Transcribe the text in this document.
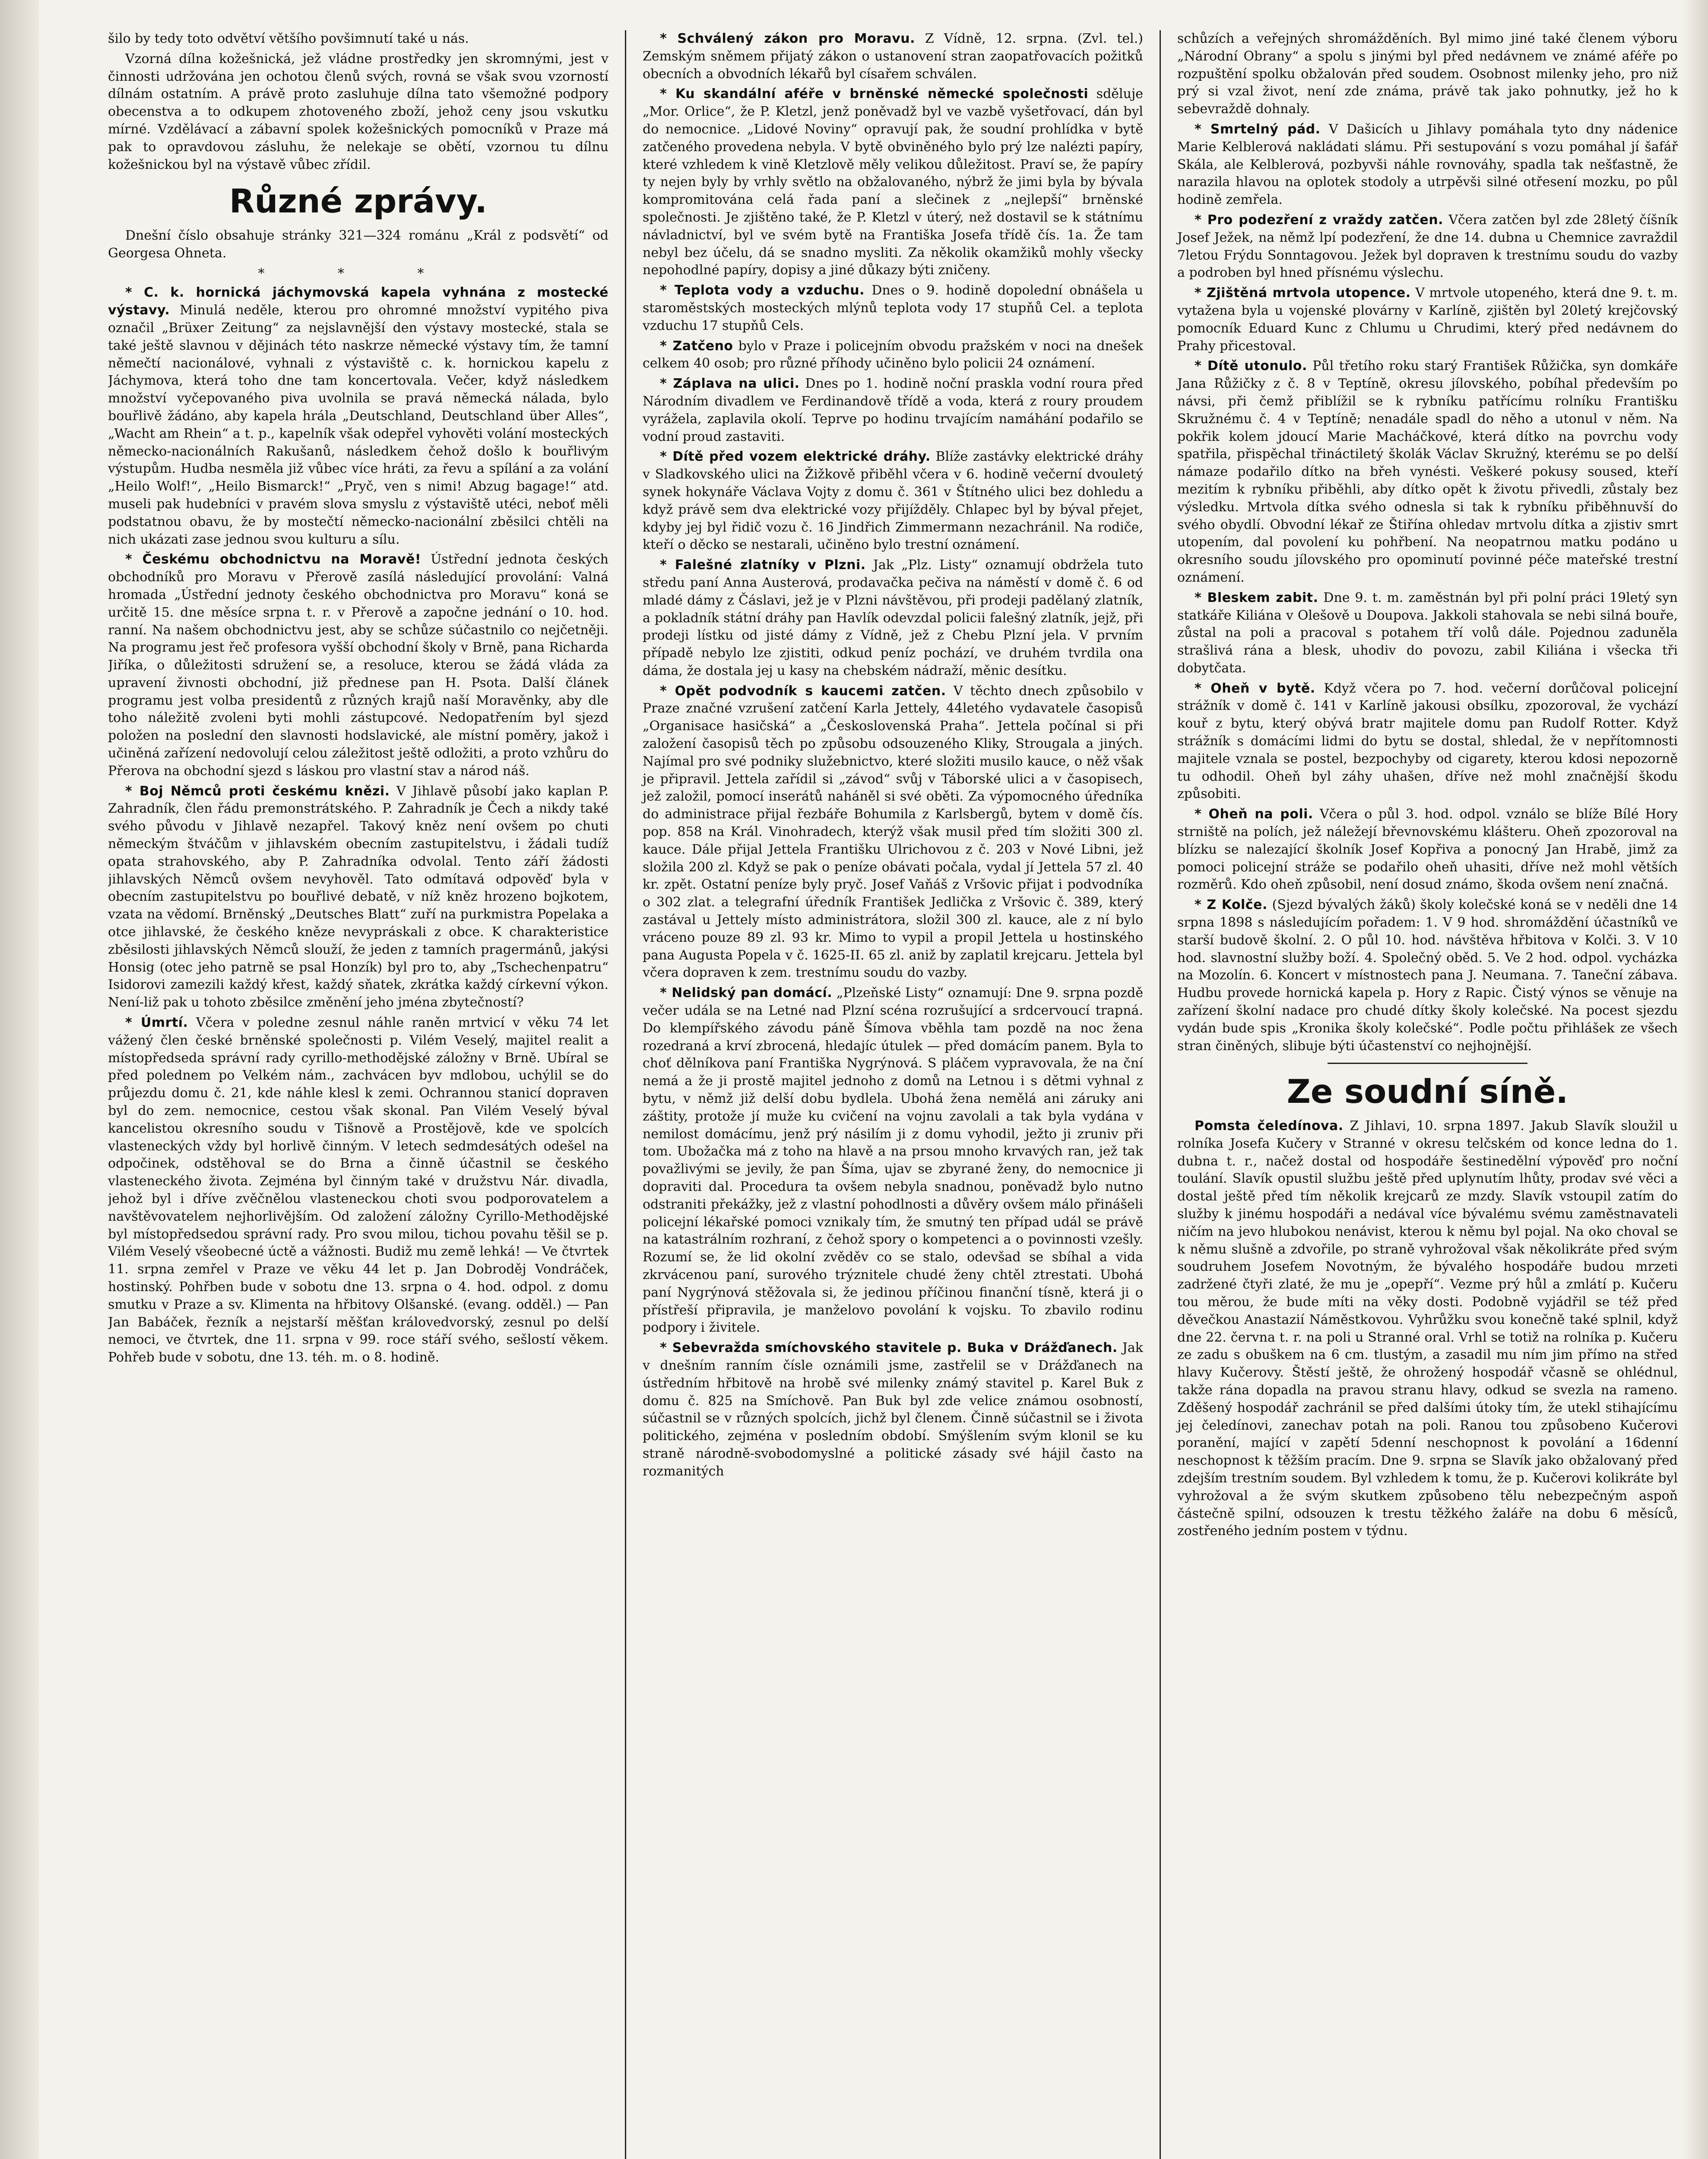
šilo by tedy toto odvětví většího povšimnutí také u nás.

Vzorná dílna kožešnická, jež vládne prostředky jen skromnými, jest v činnosti udržována jen ochotou členů svých, rovná se však svou vzorností dílnám ostatním. A právě proto zasluhuje dílna tato všemožné podpory obecenstva a to odkupem zhotoveného zboží, jehož ceny jsou vskutku mírné. Vzdělávací a zábavní spolek kožešnických pomocníků v Praze má pak to opravdovou zásluhu, že nelekaje se obětí, vzornou tu dílnu kožešnickou byl na výstavě vůbec zřídil.

Různé zprávy.

Dnešní číslo obsahuje stránky 321—324 románu „Král z podsvětí“ od Georgesa Ohneta.

* * *

* C. k. hornická jáchymovská kapela vyhnána z mostecké výstavy. Minulá neděle, kterou pro ohromné množství vypitého piva označil „Brüxer Zeitung“ za nejslavnější den výstavy mostecké, stala se také ještě slavnou v dějinách této naskrze německé výstavy tím, že tamní němečtí nacionálové, vyhnali z výstaviště c. k. hornickou kapelu z Jáchymova, která toho dne tam koncertovala. Večer, když následkem množství vyčepovaného piva uvolnila se pravá německá nálada, bylo bouřlivě žádáno, aby kapela hrála „Deutschland, Deutschland über Alles“, „Wacht am Rhein“ a t. p., kapelník však odepřel vyhověti volání mosteckých německo-nacionálních Rakušanů, následkem čehož došlo k bouřlivým výstupům. Hudba nesměla již vůbec více hráti, za řevu a spílání a za volání „Heilo Wolf!“, „Heilo Bismarck!“ „Pryč, ven s nimi! Abzug bagage!“ atd. museli pak hudebníci v pravém slova smyslu z výstaviště utéci, neboť měli podstatnou obavu, že by mostečtí německo-nacionální zběsilci chtěli na nich ukázati zase jednou svou kulturu a sílu.

* Českému obchodnictvu na Moravě! Ústřední jednota českých obchodníků pro Moravu v Přerově zasílá následující provolání: Valná hromada „Ústřední jednoty českého obchodnictva pro Moravu“ koná se určitě 15. dne měsíce srpna t. r. v Přerově a započne jednání o 10. hod. ranní. Na našem obchodnictvu jest, aby se schůze súčastnilo co nejčetněji. Na programu jest řeč profesora vyšší obchodní školy v Brně, pana Richarda Jiříka, o důležitosti sdružení se, a resoluce, kterou se žádá vláda za upravení živnosti obchodní, již přednese pan H. Psota. Další článek programu jest volba presidentů z různých krajů naší Moravěnky, aby dle toho náležitě zvoleni byti mohli zástupcové. Nedopatřením byl sjezd položen na poslední den slavnosti hodslavické, ale místní poměry, jakož i učiněná zařízení nedovolují celou záležitost ještě odložiti, a proto vzhůru do Přerova na obchodní sjezd s láskou pro vlastní stav a národ náš.

* Boj Němců proti českému knězi. V Jihlavě působí jako kaplan P. Zahradník, člen řádu premonstrátského. P. Zahradník je Čech a nikdy také svého původu v Jihlavě nezapřel. Takový kněz není ovšem po chuti německým štváčům v jihlavském obecním zastupitelstvu, i žádali tudíž opata strahovského, aby P. Zahradníka odvolal. Tento září žádosti jihlavských Němců ovšem nevyhověl. Tato odmítavá odpověď byla v obecním zastupitelstvu po bouřlivé debatě, v níž kněz hrozeno bojkotem, vzata na vědomí. Brněnský „Deutsches Blatt“ zuří na purkmistra Popelaka a otce jihlavské, že českého kněze nevypráskali z obce. K charakteristice zběsilosti jihlavských Němců slouží, že jeden z tamních pragermánů, jakýsi Honsig (otec jeho patrně se psal Honzík) byl pro to, aby „Tschechenpatru“ Isidorovi zamezili každý křest, každý sňatek, zkrátka každý církevní výkon. Není-liž pak u tohoto zběsilce změnění jeho jména zbytečností?

* Úmrtí. Včera v poledne zesnul náhle raněn mrtvicí v věku 74 let vážený člen české brněnské společnosti p. Vilém Veselý, majitel realit a místopředseda správní rady cyrillo-methodějské záložny v Brně. Ubíral se před polednem po Velkém nám., zachvácen byv mdlobou, uchýlil se do průjezdu domu č. 21, kde náhle klesl k zemi. Ochrannou stanicí dopraven byl do zem. nemocnice, cestou však skonal. Pan Vilém Veselý býval kancelistou okresního soudu v Tišnově a Prostějově, kde ve spolcích vlasteneckých vždy byl horlivě činným. V letech sedmdesátých odešel na odpočinek, odstěhoval se do Brna a činně účastnil se českého vlasteneckého života. Zejména byl činným také v družstvu Nár. divadla, jehož byl i dříve zvěčnělou vlasteneckou choti svou podporovatelem a navštěvovatelem nejhorlivějším. Od založení záložny Cyrillo-Methodějské byl místopředsedou správní rady. Pro svou milou, tichou povahu těšil se p. Vilém Veselý všeobecné úctě a vážnosti. Budiž mu země lehká! — Ve čtvrtek 11. srpna zemřel v Praze ve věku 44 let p. Jan Dobroděj Vondráček, hostinský. Pohřben bude v sobotu dne 13. srpna o 4. hod. odpol. z domu smutku v Praze a sv. Klimenta na hřbitovy Olšanské. (evang. odděl.) — Pan Jan Babáček, řezník a nejstarší měšťan královedvorský, zesnul po delší nemoci, ve čtvrtek, dne 11. srpna v 99. roce stáří svého, sešlostí věkem. Pohřeb bude v sobotu, dne 13. téh. m. o 8. hodině.

* Schválený zákon pro Moravu. Z Vídně, 12. srpna. (Zvl. tel.) Zemským sněmem přijatý zákon o ustanovení stran zaopatřovacích požitků obecních a obvodních lékařů byl císařem schválen.

* Ku skandální aféře v brněnské německé společnosti sděluje „Mor. Orlice“, že P. Kletzl, jenž poněvadž byl ve vazbě vyšetřovací, dán byl do nemocnice. „Lidové Noviny“ opravují pak, že soudní prohlídka v bytě zatčeného provedena nebyla. V bytě obviněného bylo prý lze nalézti papíry, které vzhledem k vině Kletzlově měly velikou důležitost. Praví se, že papíry ty nejen byly by vrhly světlo na obžalovaného, nýbrž že jimi byla by bývala kompromitována celá řada paní a slečinek z „nejlepší“ brněnské společnosti. Je zjištěno také, že P. Kletzl v úterý, než dostavil se k státnímu návladnictví, byl ve svém bytě na Františka Josefa třídě čís. 1a. Že tam nebyl bez účelu, dá se snadno mysliti. Za několik okamžiků mohly všecky nepohodlné papíry, dopisy a jiné důkazy býti zničeny.

* Teplota vody a vzduchu. Dnes o 9. hodině dopolední obnášela u staroměstských mosteckých mlýnů teplota vody 17 stupňů Cel. a teplota vzduchu 17 stupňů Cels.

* Zatčeno bylo v Praze i policejním obvodu pražském v noci na dnešek celkem 40 osob; pro různé příhody učiněno bylo policii 24 oznámení.

* Záplava na ulici. Dnes po 1. hodině noční praskla vodní roura před Národním divadlem ve Ferdinandově třídě a voda, která z roury proudem vyrážela, zaplavila okolí. Teprve po hodinu trvajícím namáhání podařilo se vodní proud zastaviti.

* Dítě před vozem elektrické dráhy. Blíže zastávky elektrické dráhy v Sladkovského ulici na Žižkově přiběhl včera v 6. hodině večerní dvouletý synek hokynáře Václava Vojty z domu č. 361 v Štítného ulici bez dohledu a když právě sem dva elektrické vozy přijížděly. Chlapec byl by býval přejet, kdyby jej byl řidič vozu č. 16 Jindřich Zimmermann nezachránil. Na rodiče, kteří o děcko se nestarali, učiněno bylo trestní oznámení.

* Falešné zlatníky v Plzni. Jak „Plz. Listy“ oznamují obdržela tuto středu paní Anna Austerová, prodavačka pečiva na náměstí v domě č. 6 od mladé dámy z Čáslavi, jež je v Plzni návštěvou, při prodeji padělaný zlatník, a pokladník státní dráhy pan Havlík odevzdal policii falešný zlatník, jejž, při prodeji lístku od jisté dámy z Vídně, jež z Chebu Plzní jela. V prvním případě nebylo lze zjistiti, odkud peníz pochází, ve druhém tvrdila ona dáma, že dostala jej u kasy na chebském nádraží, měnic desítku.

* Opět podvodník s kaucemi zatčen. V těchto dnech způsobilo v Praze značné vzrušení zatčení Karla Jettely, 44letého vydavatele časopisů „Organisace hasičská“ a „Československá Praha“. Jettela počínal si při založení časopisů těch po způsobu odsouzeného Kliky, Strougala a jiných. Najímal pro své podniky služebnictvo, které složiti musilo kauce, o něž však je připravil. Jettela zařídil si „závod“ svůj v Táborské ulici a v časopisech, jež založil, pomocí inserátů naháněl si své oběti. Za výpomocného úředníka do administrace přijal řezbáře Bohumila z Karlsbergů, bytem v domě čís. pop. 858 na Král. Vinohradech, kterýž však musil před tím složiti 300 zl. kauce. Dále přijal Jettela Františku Ulrichovou z č. 203 v Nové Libni, jež složila 200 zl. Když se pak o peníze obávati počala, vydal jí Jettela 57 zl. 40 kr. zpět. Ostatní peníze byly pryč. Josef Vaňáš z Vršovic přijat i podvodníka o 302 zlat. a telegrafní úředník František Jedlička z Vršovic č. 389, který zastával u Jettely místo administrátora, složil 300 zl. kauce, ale z ní bylo vráceno pouze 89 zl. 93 kr. Mimo to vypil a propil Jettela u hostinského pana Augusta Popela v č. 1625-II. 65 zl. aniž by zaplatil krejcaru. Jettela byl včera dopraven k zem. trestnímu soudu do vazby.

* Nelidský pan domácí. „Plzeňské Listy“ oznamují: Dne 9. srpna pozdě večer udála se na Letné nad Plzní scéna rozrušující a srdcervoucí trapná. Do klempířského závodu páně Šímova vběhla tam pozdě na noc žena rozedraná a krví zbrocená, hledajíc útulek — před domácím panem. Byla to choť dělníkova paní Františka Nygrýnová. S pláčem vypravovala, že na ční nemá a že ji prostě majitel jednoho z domů na Letnou i s dětmi vyhnal z bytu, v němž již delší dobu bydlela. Ubohá žena nemělá ani záruky ani záštity, protože jí muže ku cvičení na vojnu zavolali a tak byla vydána v nemilost domácímu, jenž prý násilím ji z domu vyhodil, ježto ji zruniv při tom. Ubožačka má z toho na hlavě a na prsou mnoho krvavých ran, jež tak považlivými se jevily, že pan Šíma, ujav se zbyrané ženy, do nemocnice ji dopraviti dal. Procedura ta ovšem nebyla snadnou, poněvadž bylo nutno odstraniti překážky, jež z vlastní pohodlnosti a důvěry ovšem málo přinášeli policejní lékařské pomoci vznikaly tím, že smutný ten případ udál se právě na katastrálním rozhraní, z čehož spory o kompetenci a o povinnosti vzešly. Rozumí se, že lid okolní zvěděv co se stalo, odevšad se sbíhal a vida zkrvácenou paní, surového trýznitele chudé ženy chtěl ztrestati. Ubohá paní Nygrýnová stěžovala si, že jedinou příčinou finanční tísně, která ji o přístřeší připravila, je manželovo povolání k vojsku. To zbavilo rodinu podpory i živitele.

* Sebevražda smíchovského stavitele p. Buka v Drážďanech. Jak v dnešním ranním čísle oznámili jsme, zastřelil se v Drážďanech na ústředním hřbitově na hrobě své milenky známý stavitel p. Karel Buk z domu č. 825 na Smíchově. Pan Buk byl zde velice známou osobností, súčastnil se v různých spolcích, jichž byl členem. Činně súčastnil se i života politického, zejména v posledním období. Smýšlením svým klonil se ku straně národně-svobodomyslné a politické zásady své hájil často na rozmanitých

schůzích a veřejných shromážděních. Byl mimo jiné také členem výboru „Národní Obrany“ a spolu s jinými byl před nedávnem ve známé aféře po rozpuštění spolku obžalován před soudem. Osobnost milenky jeho, pro niž prý si vzal život, není zde známa, právě tak jako pohnutky, jež ho k sebevraždě dohnaly.

* Smrtelný pád. V Dašicích u Jihlavy pomáhala tyto dny nádenice Marie Kelblerová nakládati slámu. Při sestupování s vozu pomáhal jí šafář Skála, ale Kelblerová, pozbyvši náhle rovnováhy, spadla tak nešťastně, že narazila hlavou na oplotek stodoly a utrpěvši silné otřesení mozku, po půl hodině zemřela.

* Pro podezření z vraždy zatčen. Včera zatčen byl zde 28letý číšník Josef Ježek, na němž lpí podezření, že dne 14. dubna u Chemnice zavraždil 7letou Frýdu Sonntagovou. Ježek byl dopraven k trestnímu soudu do vazby a podroben byl hned přísnému výslechu.

* Zjištěná mrtvola utopence. V mrtvole utopeného, která dne 9. t. m. vytažena byla u vojenské plovárny v Karlíně, zjištěn byl 20letý krejčovský pomocník Eduard Kunc z Chlumu u Chrudimi, který před nedávnem do Prahy přicestoval.

* Dítě utonulo. Půl třetího roku starý František Růžička, syn domkáře Jana Růžičky z č. 8 v Teptíně, okresu jílovského, pobíhal především po návsi, při čemž přiblížil se k rybníku patřícímu rolníku Františku Skružnému č. 4 v Teptíně; nenadále spadl do něho a utonul v něm. Na pokřik kolem jdoucí Marie Macháčkové, která dítko na povrchu vody spatřila, přispěchal třináctiletý školák Václav Skružný, kterému se po delší námaze podařilo dítko na břeh vynésti. Veškeré pokusy soused, kteří mezitím k rybníku přiběhli, aby dítko opět k životu přivedli, zůstaly bez výsledku. Mrtvola dítka svého odnesla si tak k rybníku přiběhnuvší do svého obydlí. Obvodní lékař ze Štiřína ohledav mrtvolu dítka a zjistiv smrt utopením, dal povolení ku pohřbení. Na neopatrnou matku podáno u okresního soudu jílovského pro opominutí povinné péče mateřské trestní oznámení.

* Bleskem zabit. Dne 9. t. m. zaměstnán byl při polní práci 19letý syn statkáře Kiliána v Olešově u Doupova. Jakkoli stahovala se nebi silná bouře, zůstal na poli a pracoval s potahem tří volů dále. Pojednou zaduněla strašlivá rána a blesk, uhodiv do povozu, zabil Kiliána i všecka tři dobytčata.

* Oheň v bytě. Když včera po 7. hod. večerní dorůčoval policejní strážník v domě č. 141 v Karlíně jakousi obsílku, zpozoroval, že vychází kouř z bytu, který obývá bratr majitele domu pan Rudolf Rotter. Když strážník s domácími lidmi do bytu se dostal, shledal, že v nepřítomnosti majitele vznala se postel, bezpochyby od cigarety, kterou kdosi nepozorně tu odhodil. Oheň byl záhy uhašen, dříve než mohl značnější škodu způsobiti.

* Oheň na poli. Včera o půl 3. hod. odpol. vználo se blíže Bílé Hory strniště na polích, jež náležejí břevnovskému klášteru. Oheň zpozoroval na blízku se nalezající školník Josef Kopřiva a ponocný Jan Hrabě, jimž za pomoci policejní stráže se podařilo oheň uhasiti, dříve než mohl větších rozměrů. Kdo oheň způsobil, není dosud známo, škoda ovšem není značná.

* Z Kolče. (Sjezd bývalých žáků) školy kolečské koná se v neděli dne 14 srpna 1898 s následujícím pořadem: 1. V 9 hod. shromáždění účastníků ve starší budově školní. 2. O půl 10. hod. návštěva hřbitova v Kolči. 3. V 10 hod. slavnostní služby boží. 4. Společný oběd. 5. Ve 2 hod. odpol. vycházka na Mozolín. 6. Koncert v místnostech pana J. Neumana. 7. Taneční zábava. Hudbu provede hornická kapela p. Hory z Rapic. Čistý výnos se věnuje na zařízení školní nadace pro chudé dítky školy kolečské. Na pocest sjezdu vydán bude spis „Kronika školy kolečské“. Podle počtu přihlášek ze všech stran činěných, slibuje býti účastenství co nejhojnější.

Ze soudní síně.

Pomsta čeledínova. Z Jihlavi, 10. srpna 1897. Jakub Slavík sloužil u rolníka Josefa Kučery v Stranné v okresu telčském od konce ledna do 1. dubna t. r., načež dostal od hospodáře šestinedělní výpověď pro noční toulání. Slavík opustil službu ještě před uplynutím lhůty, prodav své věci a dostal ještě před tím několik krejcarů ze mzdy. Slavík vstoupil zatím do služby k jinému hospodáři a nedával více bývalému svému zaměstnavateli ničím na jevo hlubokou nenávist, kterou k němu byl pojal. Na oko choval se k němu slušně a zdvořile, po straně vyhrožoval však několikráte před svým soudruhem Josefem Novotným, že bývalého hospodáře budou mrzeti zadržené čtyři zlaté, že mu je „opepří“. Vezme prý hůl a zmlátí p. Kučeru tou měrou, že bude míti na věky dosti. Podobně vyjádřil se též před děvečkou Anastazií Náměstkovou. Vyhrůžku svou konečně také splnil, když dne 22. června t. r. na poli u Stranné oral. Vrhl se totiž na rolníka p. Kučeru ze zadu s obuškem na 6 cm. tlustým, a zasadil mu ním jim přímo na střed hlavy Kučerovy. Štěstí ještě, že ohrožený hospodář včasně se ohlédnul, takže rána dopadla na pravou stranu hlavy, odkud se svezla na rameno. Zděšený hospodář zachránil se před dalšími útoky tím, že utekl stihajícímu jej čeledínovi, zanechav potah na poli. Ranou tou způsobeno Kučerovi poranění, mající v zapětí 5denní neschopnost k povolání a 16denní neschopnost k těžším pracím. Dne 9. srpna se Slavík jako obžalovaný před zdejším trestním soudem. Byl vzhledem k tomu, že p. Kučerovi kolikráte byl vyhrožoval a že svým skutkem způsobeno tělu nebezpečným aspoň částečně spilní, odsouzen k trestu těžkého žaláře na dobu 6 měsíců, zostřeného jedním postem v týdnu.
